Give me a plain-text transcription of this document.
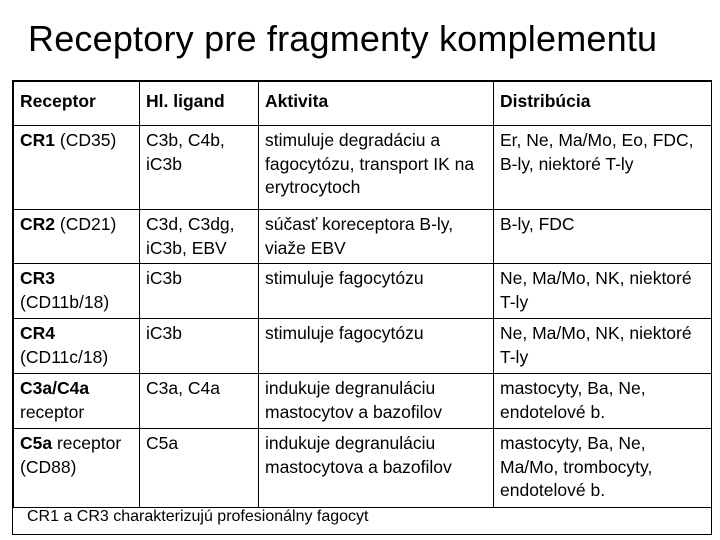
Receptory pre fragmenty komplementu
Receptor	Hl. ligand	Aktivita	Distribúcia
CR1 (CD35)	C3b, C4b, iC3b	stimuluje degradáciu a fagocytózu, transport IK na erytrocytoch	Er, Ne, Ma/Mo, Eo, FDC, B-ly, niektoré T-ly
CR2 (CD21)	C3d, C3dg, iC3b, EBV	súčasť koreceptora B-ly, viaže EBV	B-ly, FDC
CR3 (CD11b/18)	iC3b	stimuluje fagocytózu	Ne, Ma/Mo, NK, niektoré T-ly
CR4 (CD11c/18)	iC3b	stimuluje fagocytózu	Ne, Ma/Mo, NK, niektoré T-ly
C3a/C4a receptor	C3a, C4a	indukuje degranuláciu mastocytov a bazofilov	mastocyty, Ba, Ne, endotelové b.
C5a receptor (CD88)	C5a	indukuje degranuláciu mastocytova a bazofilov	mastocyty, Ba, Ne, Ma/Mo, trombocyty, endotelové b.
CR1 a CR3 charakterizujú profesionálny fagocyt
